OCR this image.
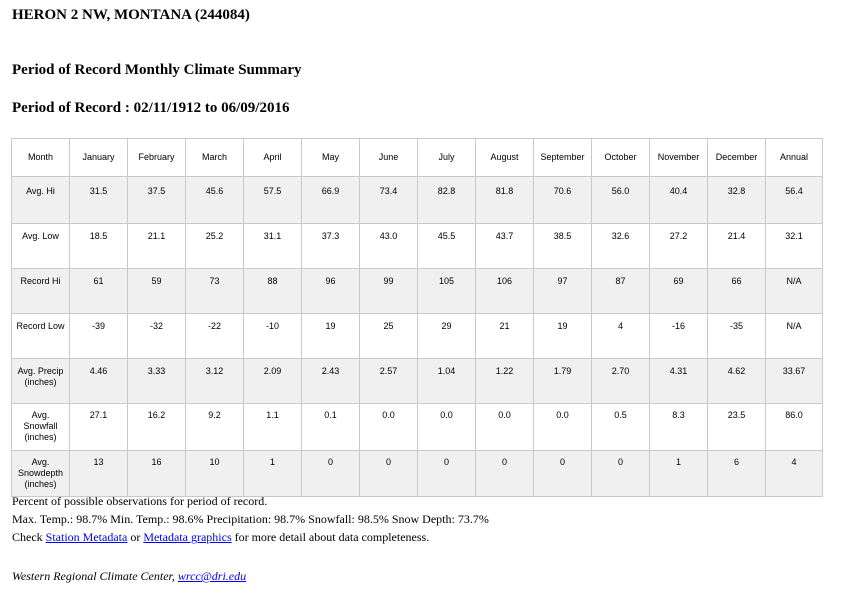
HERON 2 NW, MONTANA (244084)
Period of Record Monthly Climate Summary
Period of Record : 02/11/1912 to 06/09/2016
Month	January	February	March	April	May	June	July	August	September	October	November	December	Annual
Avg. Hi	31.5	37.5	45.6	57.5	66.9	73.4	82.8	81.8	70.6	56.0	40.4	32.8	56.4
Avg. Low	18.5	21.1	25.2	31.1	37.3	43.0	45.5	43.7	38.5	32.6	27.2	21.4	32.1
Record Hi	61	59	73	88	96	99	105	106	97	87	69	66	N/A
Record Low	-39	-32	-22	-10	19	25	29	21	19	4	-16	-35	N/A
Avg. Precip (inches)	4.46	3.33	3.12	2.09	2.43	2.57	1.04	1.22	1.79	2.70	4.31	4.62	33.67
Avg. Snowfall (inches)	27.1	16.2	9.2	1.1	0.1	0.0	0.0	0.0	0.0	0.5	8.3	23.5	86.0
Avg. Snowdepth (inches)	13	16	10	1	0	0	0	0	0	0	1	6	4

Percent of possible observations for period of record.

Max. Temp.: 98.7% Min. Temp.: 98.6% Precipitation: 98.7% Snowfall: 98.5% Snow Depth: 73.7%

Check Station Metadata or Metadata graphics for more detail about data completeness.

Western Regional Climate Center, wrcc@dri.edu
